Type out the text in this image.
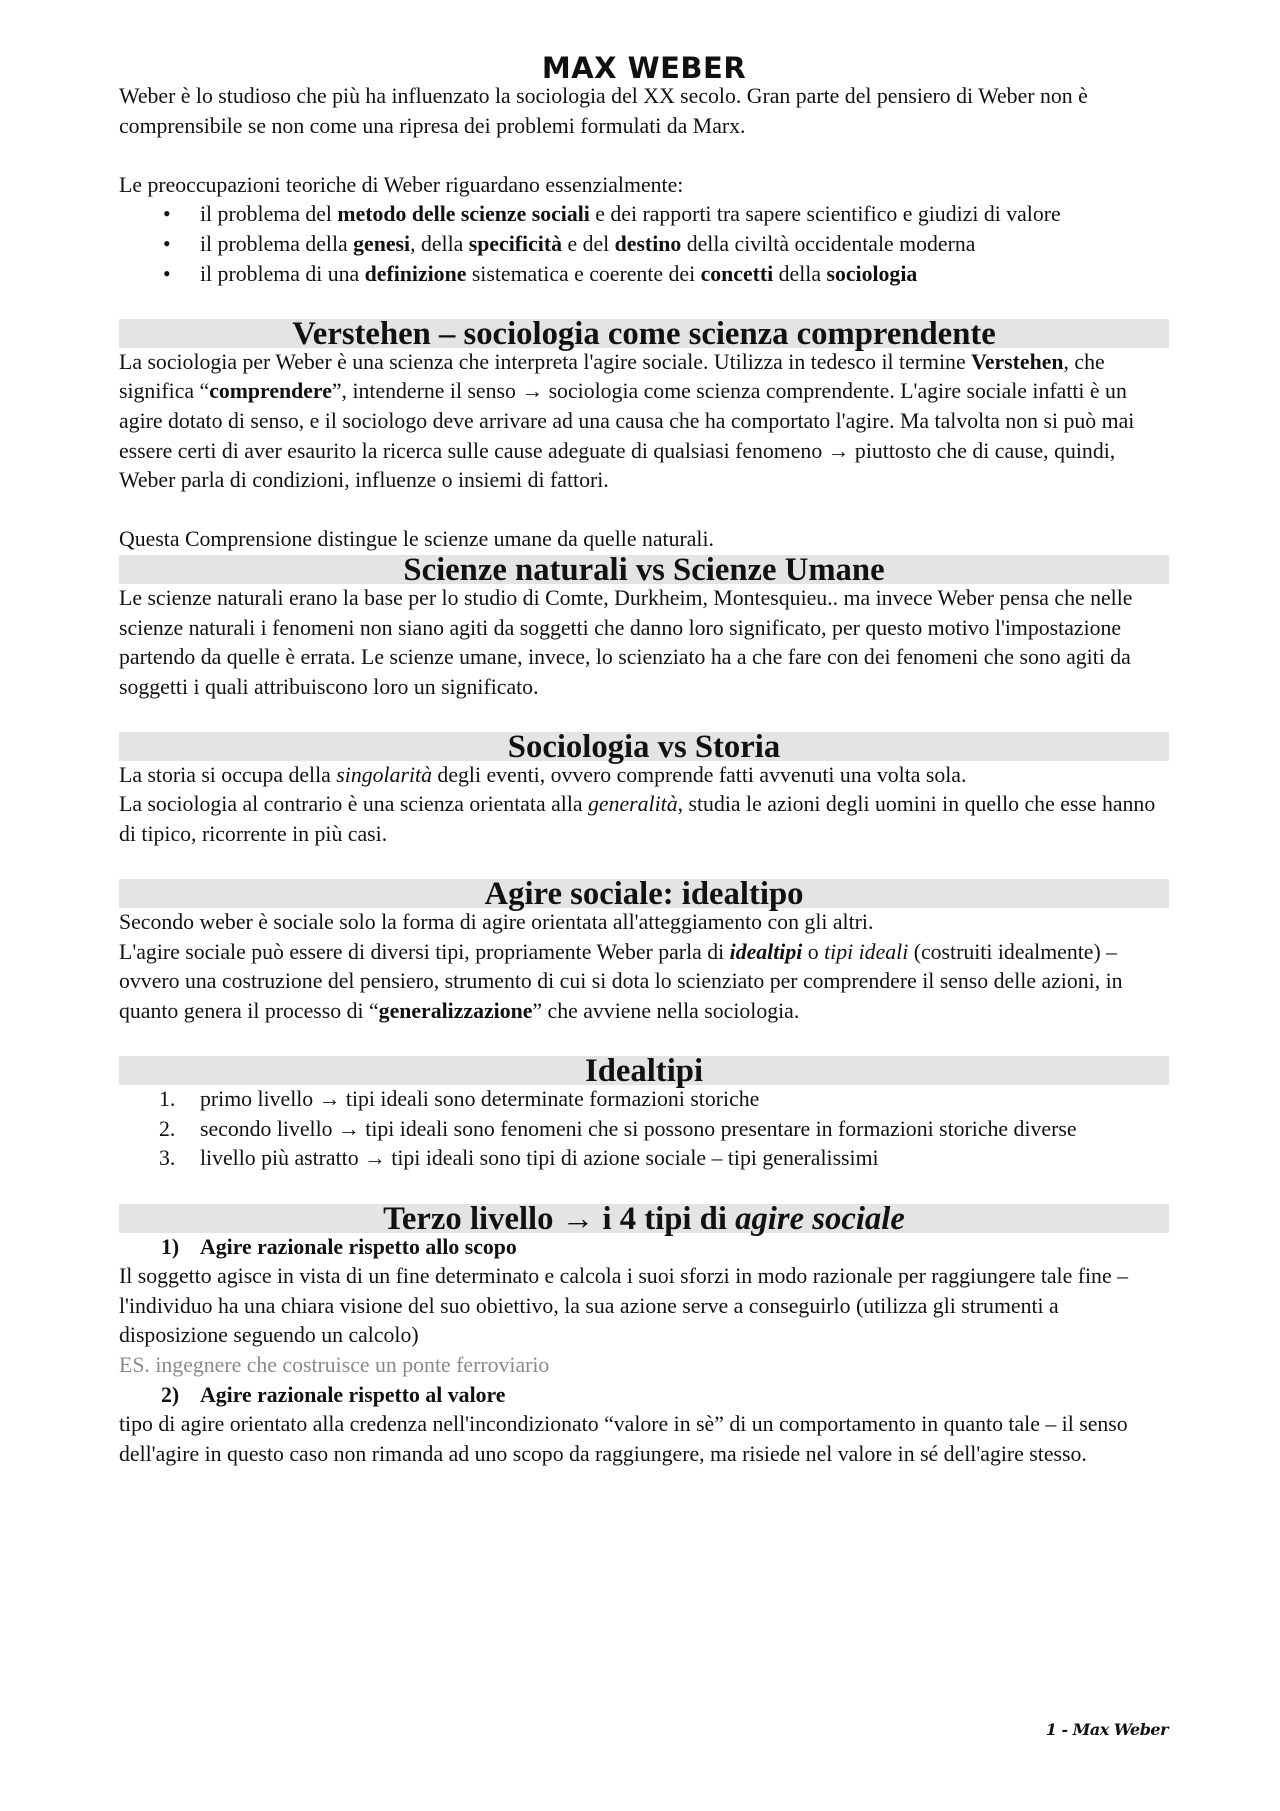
MAX WEBER

Weber è lo studioso che più ha influenzato la sociologia del XX secolo. Gran parte del pensiero di Weber non è comprensibile se non come una ripresa dei problemi formulati da Marx.

Le preoccupazioni teoriche di Weber riguardano essenzialmente:

• il problema del metodo delle scienze sociali e dei rapporti tra sapere scientifico e giudizi di valore
• il problema della genesi, della specificità e del destino della civiltà occidentale moderna
• il problema di una definizione sistematica e coerente dei concetti della sociologia
Verstehen – sociologia come scienza comprendente

La sociologia per Weber è una scienza che interpreta l'agire sociale. Utilizza in tedesco il termine Verstehen, che significa “comprendere”, intenderne il senso → sociologia come scienza comprendente. L'agire sociale infatti è un agire dotato di senso, e il sociologo deve arrivare ad una causa che ha comportato l'agire. Ma talvolta non si può mai essere certi di aver esaurito la ricerca sulle cause adeguate di qualsiasi fenomeno → piuttosto che di cause, quindi, Weber parla di condizioni, influenze o insiemi di fattori.

Questa Comprensione distingue le scienze umane da quelle naturali.

Scienze naturali vs Scienze Umane

Le scienze naturali erano la base per lo studio di Comte, Durkheim, Montesquieu.. ma invece Weber pensa che nelle scienze naturali i fenomeni non siano agiti da soggetti che danno loro significato, per questo motivo l'impostazione partendo da quelle è errata. Le scienze umane, invece, lo scienziato ha a che fare con dei fenomeni che sono agiti da soggetti i quali attribuiscono loro un significato.

Sociologia vs Storia

La storia si occupa della singolarità degli eventi, ovvero comprende fatti avvenuti una volta sola.

La sociologia al contrario è una scienza orientata alla generalità, studia le azioni degli uomini in quello che esse hanno di tipico, ricorrente in più casi.

Agire sociale: idealtipo

Secondo weber è sociale solo la forma di agire orientata all'atteggiamento con gli altri.

L'agire sociale può essere di diversi tipi, propriamente Weber parla di idealtipi o tipi ideali (costruiti idealmente) – ovvero una costruzione del pensiero, strumento di cui si dota lo scienziato per comprendere il senso delle azioni, in quanto genera il processo di “generalizzazione” che avviene nella sociologia.

Idealtipi
1. primo livello → tipi ideali sono determinate formazioni storiche
2. secondo livello → tipi ideali sono fenomeni che si possono presentare in formazioni storiche diverse
3. livello più astratto → tipi ideali sono tipi di azione sociale – tipi generalissimi
Terzo livello → i 4 tipi di agire sociale

1) Agire razionale rispetto allo scopo

Il soggetto agisce in vista di un fine determinato e calcola i suoi sforzi in modo razionale per raggiungere tale fine – l'individuo ha una chiara visione del suo obiettivo, la sua azione serve a conseguirlo (utilizza gli strumenti a disposizione seguendo un calcolo)

ES. ingegnere che costruisce un ponte ferroviario

2) Agire razionale rispetto al valore

tipo di agire orientato alla credenza nell'incondizionato “valore in sè” di un comportamento in quanto tale – il senso dell'agire in questo caso non rimanda ad uno scopo da raggiungere, ma risiede nel valore in sé dell'agire stesso.

1 - Max Weber
